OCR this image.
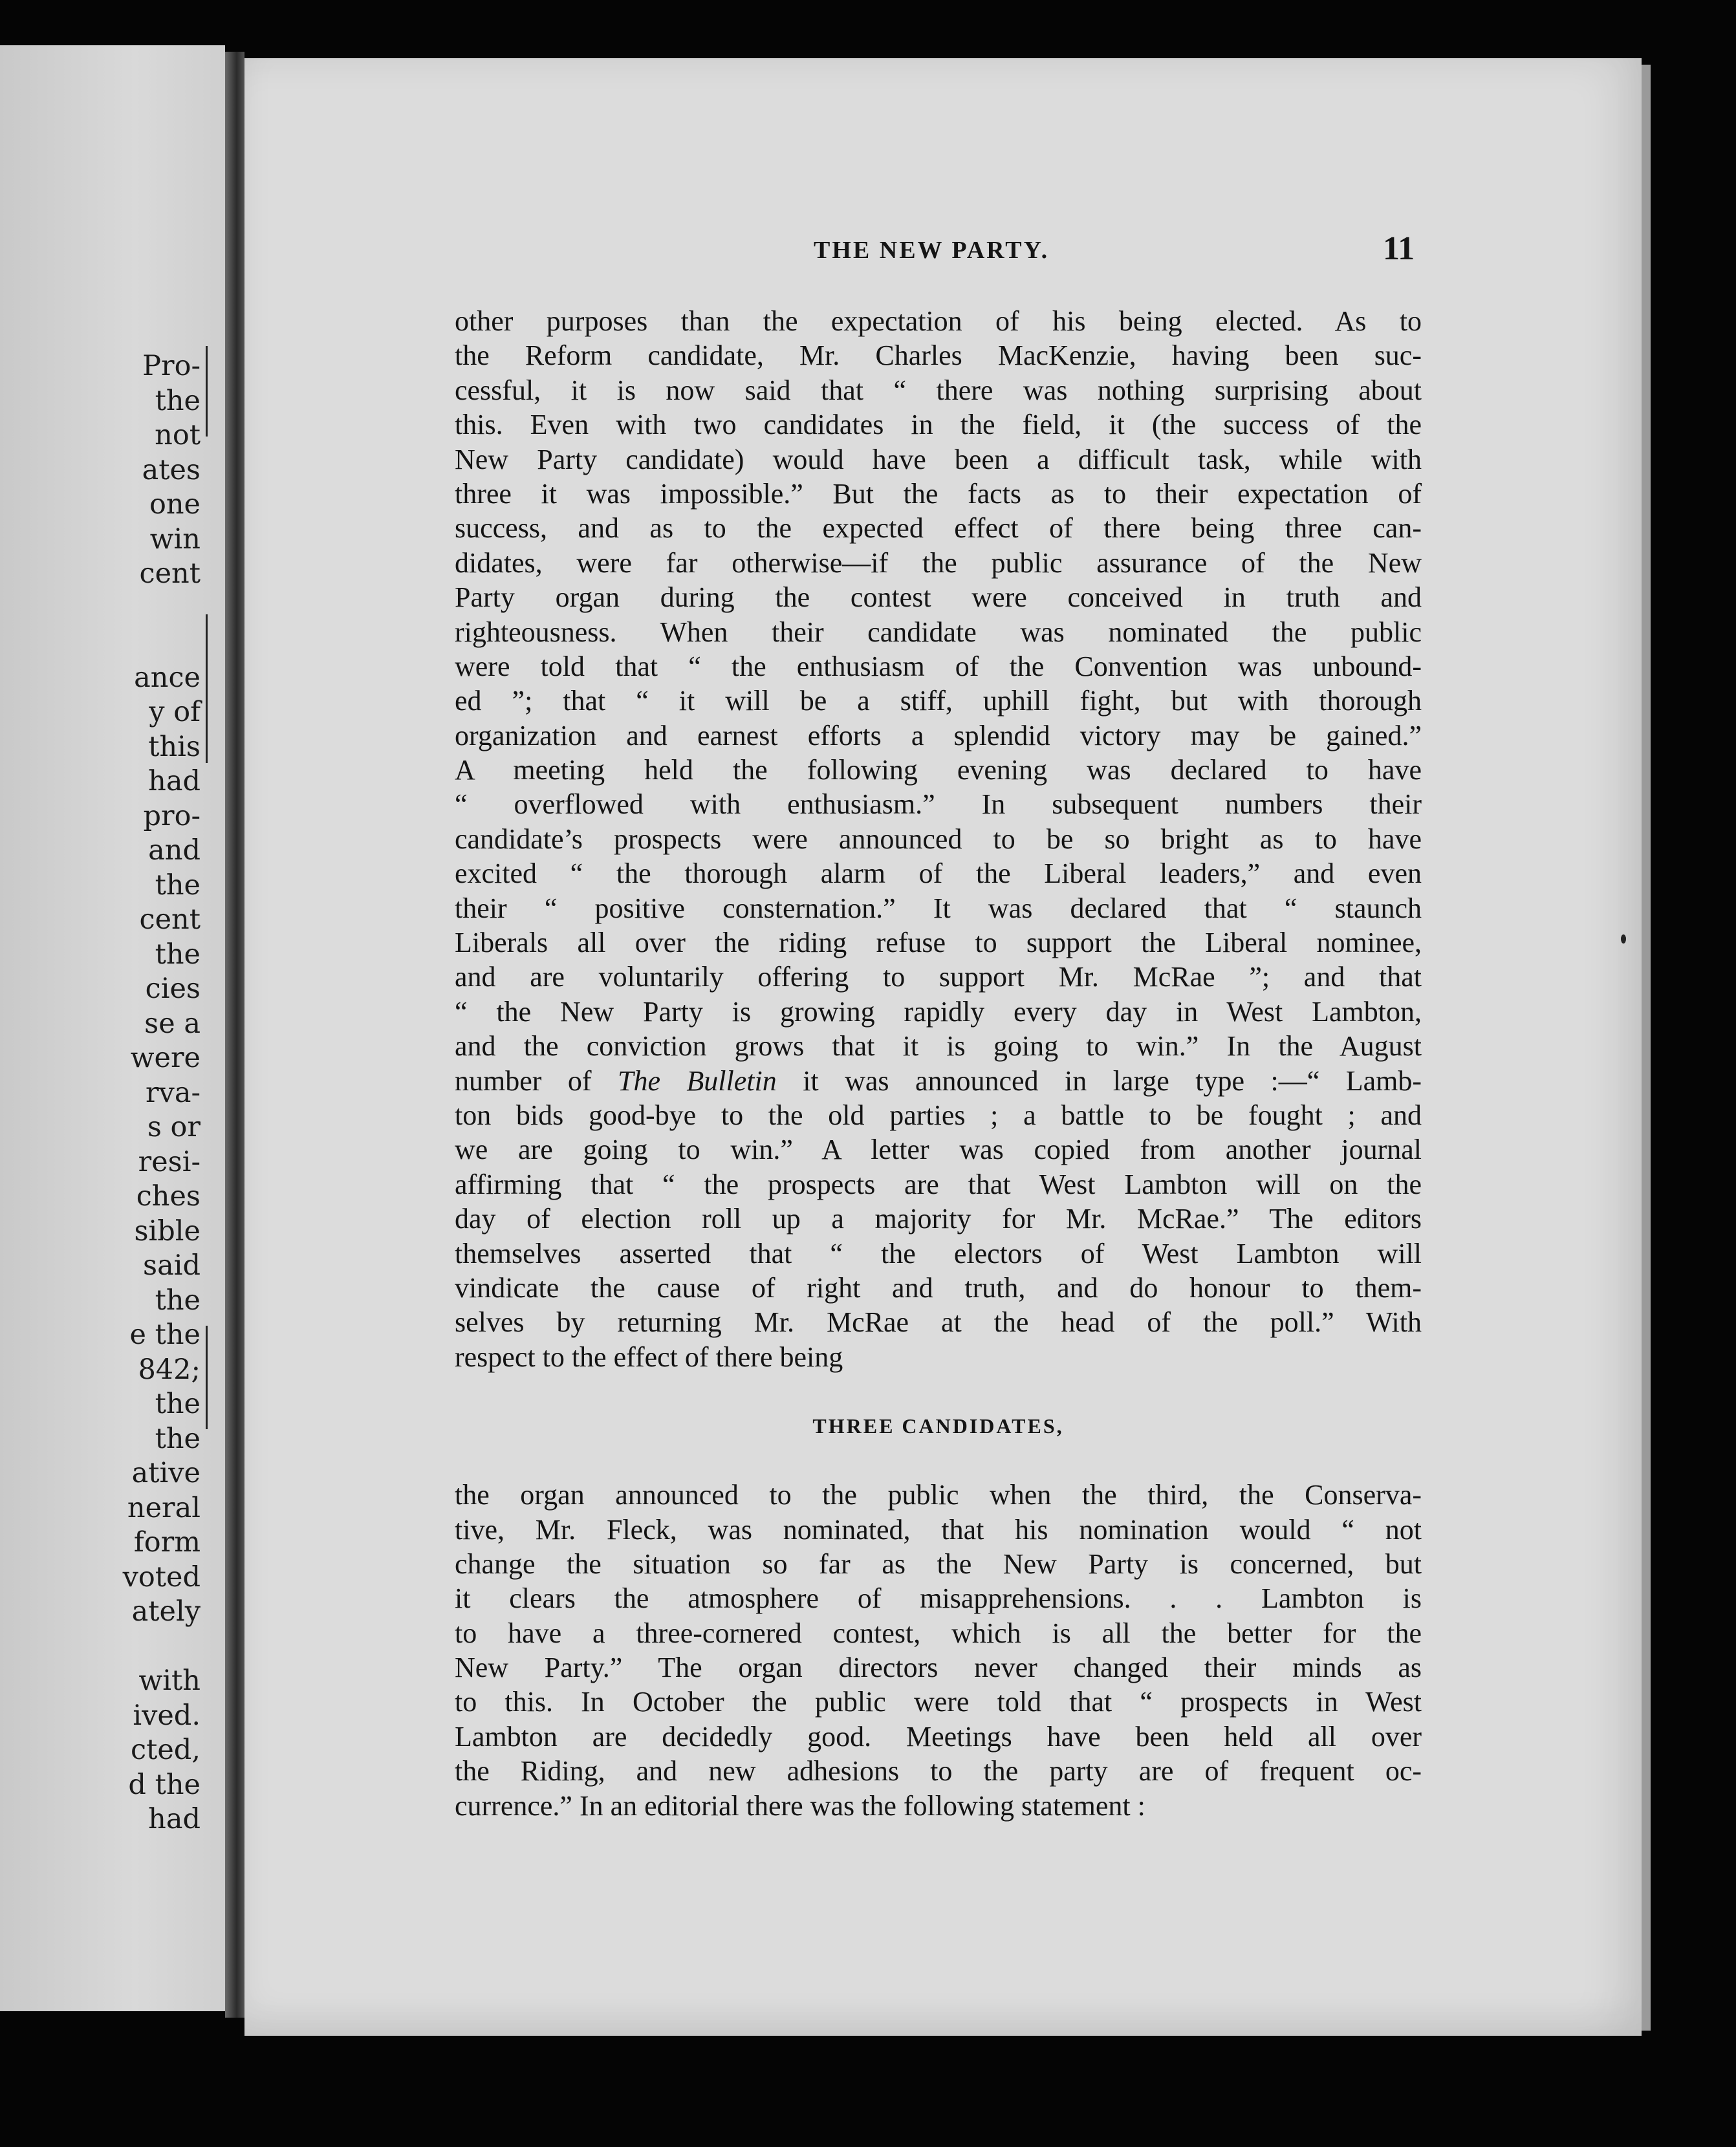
Pro-
the
not
ates
one
win
cent
ance
y of
this
had
pro-
and
the
cent
the
cies
se a
were
rva-
s or
resi-
ches
sible
said
the
e the
842;
the
the
ative
neral
form
voted
ately
with
ived.
cted,
d the
had
THE NEW PARTY.	11
other purposes than the expectation of his being elected. As to
the Reform candidate, Mr. Charles MacKenzie, having been suc-
cessful, it is now said that “ there was nothing surprising about
this. Even with two candidates in the field, it (the success of the
New Party candidate) would have been a difficult task, while with
three it was impossible.” But the facts as to their expectation of
success, and as to the expected effect of there being three can-
didates, were far otherwise—if the public assurance of the New
Party organ during the contest were conceived in truth and
righteousness. When their candidate was nominated the public
were told that “ the enthusiasm of the Convention was unbound-
ed ”; that “ it will be a stiff, uphill fight, but with thorough
organization and earnest efforts a splendid victory may be gained.”
A meeting held the following evening was declared to have
“ overflowed with enthusiasm.” In subsequent numbers their
candidate’s prospects were announced to be so bright as to have
excited “ the thorough alarm of the Liberal leaders,” and even
their “ positive consternation.” It was declared that “ staunch
Liberals all over the riding refuse to support the Liberal nominee,
and are voluntarily offering to support Mr. McRae ”; and that
“ the New Party is growing rapidly every day in West Lambton,
and the conviction grows that it is going to win.” In the August
number of The Bulletin it was announced in large type :—“ Lamb-
ton bids good-bye to the old parties ; a battle to be fought ; and
we are going to win.” A letter was copied from another journal
affirming that “ the prospects are that West Lambton will on the
day of election roll up a majority for Mr. McRae.” The editors
themselves asserted that “ the electors of West Lambton will
vindicate the cause of right and truth, and do honour to them-
selves by returning Mr. McRae at the head of the poll.” With
respect to the effect of there being
THREE CANDIDATES,
the organ announced to the public when the third, the Conserva-
tive, Mr. Fleck, was nominated, that his nomination would “ not
change the situation so far as the New Party is concerned, but
it clears the atmosphere of misapprehensions. . . Lambton is
to have a three-cornered contest, which is all the better for the
New Party.” The organ directors never changed their minds as
to this. In October the public were told that “ prospects in West
Lambton are decidedly good. Meetings have been held all over
the Riding, and new adhesions to the party are of frequent oc-
currence.” In an editorial there was the following statement :
